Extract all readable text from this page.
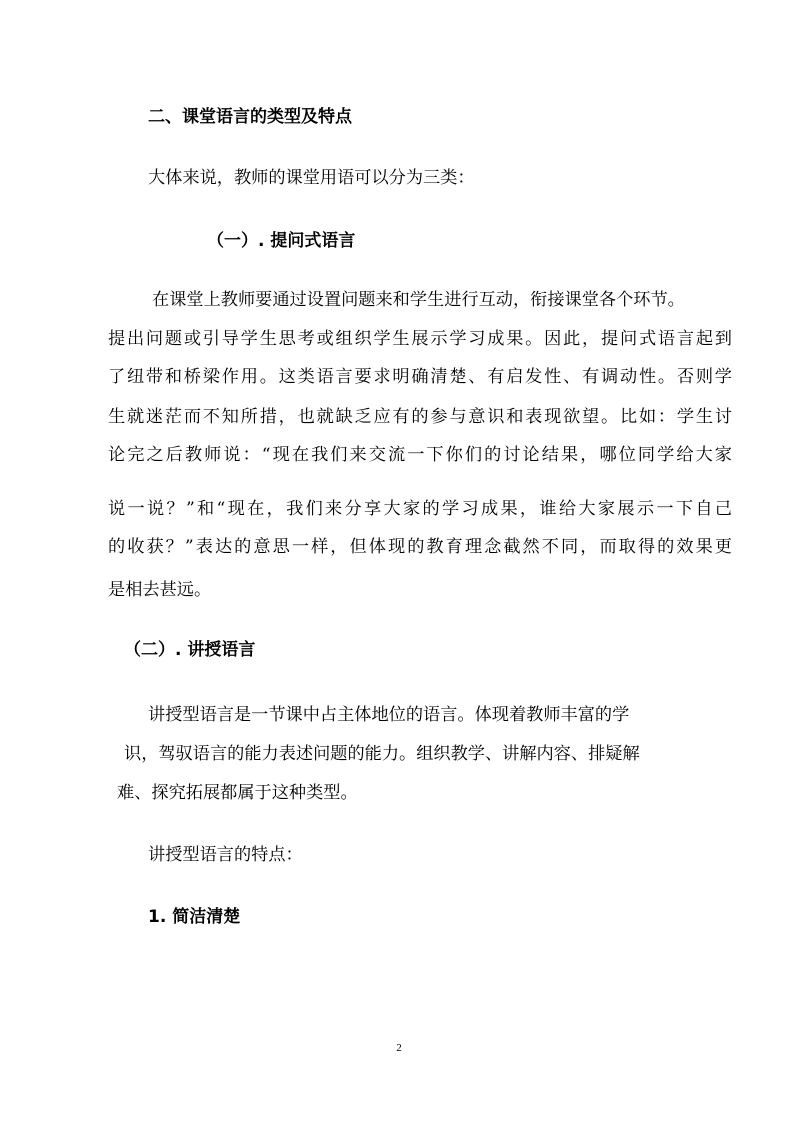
二、课堂语言的类型及特点
大体来说，教师的课堂用语可以分为三类：
（一）. 提问式语言
在课堂上教师要通过设置问题来和学生进行互动，衔接课堂各个环节。
提出问题或引导学生思考或组织学生展示学习成果。因此，提问式语言起到
了纽带和桥梁作用。这类语言要求明确清楚、有启发性、有调动性。否则学
生就迷茫而不知所措，也就缺乏应有的参与意识和表现欲望。比如：学生讨
论完之后教师说：“现在我们来交流一下你们的讨论结果，哪位同学给大家
说一说？”和“现在，我们来分享大家的学习成果，谁给大家展示一下自己
的收获？”表达的意思一样，但体现的教育理念截然不同，而取得的效果更
是相去甚远。
（二）. 讲授语言
讲授型语言是一节课中占主体地位的语言。体现着教师丰富的学
识，驾驭语言的能力表述问题的能力。组织教学、讲解内容、排疑解
难、探究拓展都属于这种类型。
讲授型语言的特点：
1. 简洁清楚
2
